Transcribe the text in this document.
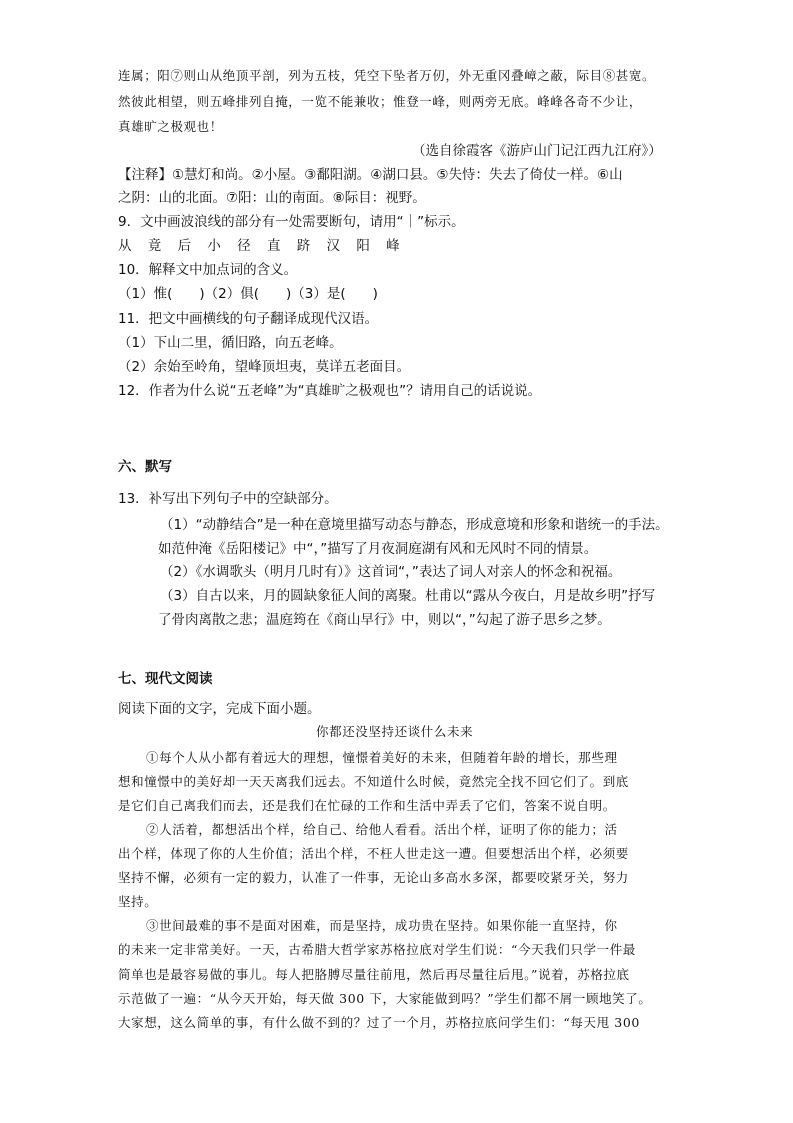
连属；阳⑦则山从绝顶平剖，列为五枝，凭空下坠者万仞，外无重冈叠嶂之蔽，际目⑧甚宽。
然彼此相望，则五峰排列自掩，一览不能兼收；惟登一峰，则两旁无底。峰峰各奇不少让，
真雄旷之极观也！
（选自徐霞客《游庐山门记江西九江府》）
【注释】①慧灯和尚。②小屋。③鄱阳湖。④湖口县。⑤失恃：失去了倚仗一样。⑥山
之阴：山的北面。⑦阳：山的南面。⑧际目：视野。
9．文中画波浪线的部分有一处需要断句，请用“｜”标示。
从 竟 后 小 径 直 跻 汉 阳 峰
10．解释文中加点词的含义。
（1）惟(　　)（2）俱(　　)（3）是(　　)
11．把文中画横线的句子翻译成现代汉语。
（1）下山二里，循旧路，向五老峰。
（2）余始至岭角，望峰顶坦夷，莫详五老面目。
12．作者为什么说“五老峰”为“真雄旷之极观也”？请用自己的话说说。
六、默写
13．补写出下列句子中的空缺部分。
（1）“动静结合”是一种在意境里描写动态与静态，形成意境和形象和谐统一的手法。
如范仲淹《岳阳楼记》中“，”描写了月夜洞庭湖有风和无风时不同的情景。
（2）《水调歌头（明月几时有）》这首词“，”表达了词人对亲人的怀念和祝福。
（3）自古以来，月的圆缺象征人间的离聚。杜甫以“露从今夜白，月是故乡明”抒写
了骨肉离散之悲；温庭筠在《商山早行》中，则以“，”勾起了游子思乡之梦。
七、现代文阅读
阅读下面的文字，完成下面小题。
你都还没坚持还谈什么未来
①每个人从小都有着远大的理想，憧憬着美好的未来，但随着年龄的增长，那些理
想和憧憬中的美好却一天天离我们远去。不知道什么时候，竟然完全找不回它们了。到底
是它们自己离我们而去，还是我们在忙碌的工作和生活中弄丢了它们，答案不说自明。
②人活着，都想活出个样，给自己、给他人看看。活出个样，证明了你的能力；活
出个样，体现了你的人生价值；活出个样，不枉人世走这一遭。但要想活出个样，必须要
坚持不懈，必须有一定的毅力，认准了一件事，无论山多高水多深，都要咬紧牙关，努力
坚持。
③世间最难的事不是面对困难，而是坚持，成功贵在坚持。如果你能一直坚持，你
的未来一定非常美好。一天，古希腊大哲学家苏格拉底对学生们说：“今天我们只学一件最
简单也是最容易做的事儿。每人把胳膊尽量往前甩，然后再尽量往后甩。”说着，苏格拉底
示范做了一遍：“从今天开始，每天做 300 下，大家能做到吗？”学生们都不屑一顾地笑了。
大家想，这么简单的事，有什么做不到的？过了一个月，苏格拉底问学生们：“每天甩 300
